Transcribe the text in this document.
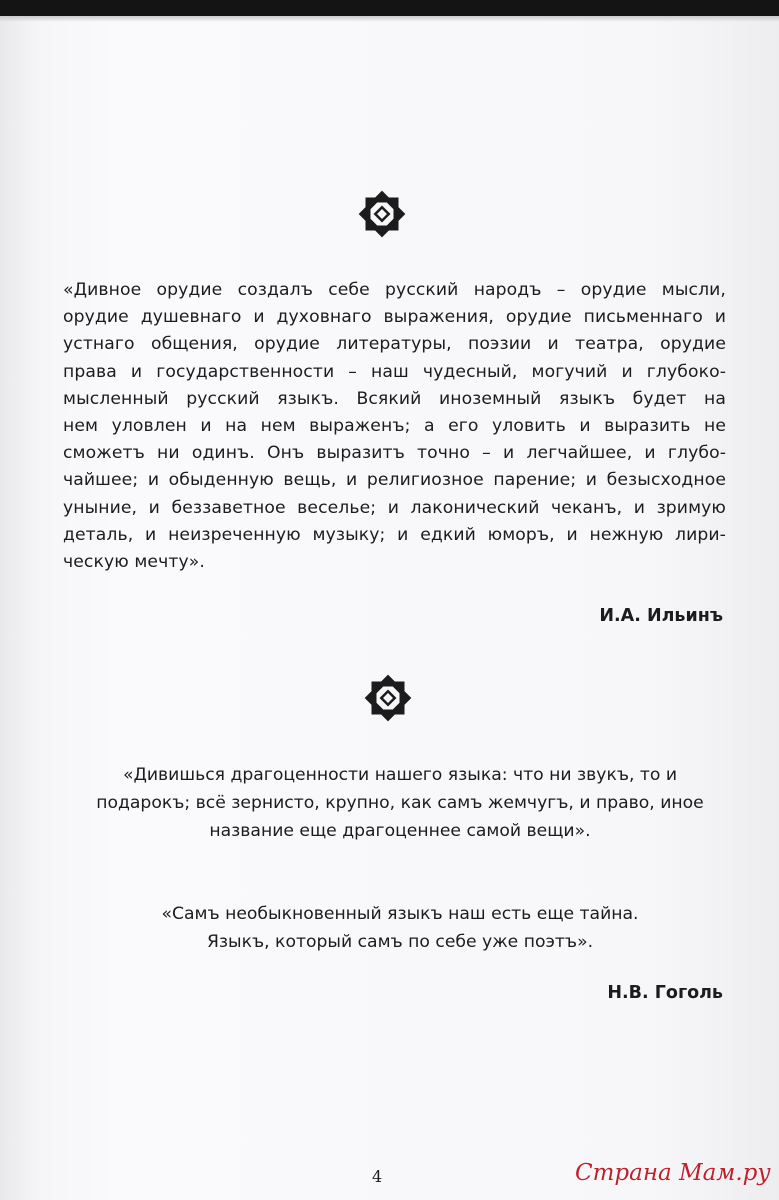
«Дивное орудие создалъ себе русский народъ – орудие мысли,
орудие душевнаго и духовнаго выражения, орудие письменнаго и
устнаго общения, орудие литературы, поэзии и театра, орудие
права и государственности – наш чудесный, могучий и глубоко-
мысленный русский языкъ. Всякий иноземный языкъ будет на
нем уловлен и на нем выраженъ; а его уловить и выразить не
сможетъ ни одинъ. Онъ выразитъ точно – и легчайшее, и глубо-
чайшее; и обыденную вещь, и религиозное парение; и безысходное
уныние, и беззаветное веселье; и лаконический чеканъ, и зримую
деталь, и неизреченную музыку; и едкий юморъ, и нежную лири-
ческую мечту».
И.А. Ильинъ
«Дивишься драгоценности нашего языка: что ни звукъ, то и
подарокъ; всё зернисто, крупно, как самъ жемчугъ, и право, иное
название еще драгоценнее самой вещи».
«Самъ необыкновенный языкъ наш есть еще тайна.
Языкъ, который самъ по себе уже поэтъ».
Н.В. Гоголь
4	Страна Мам.ру
